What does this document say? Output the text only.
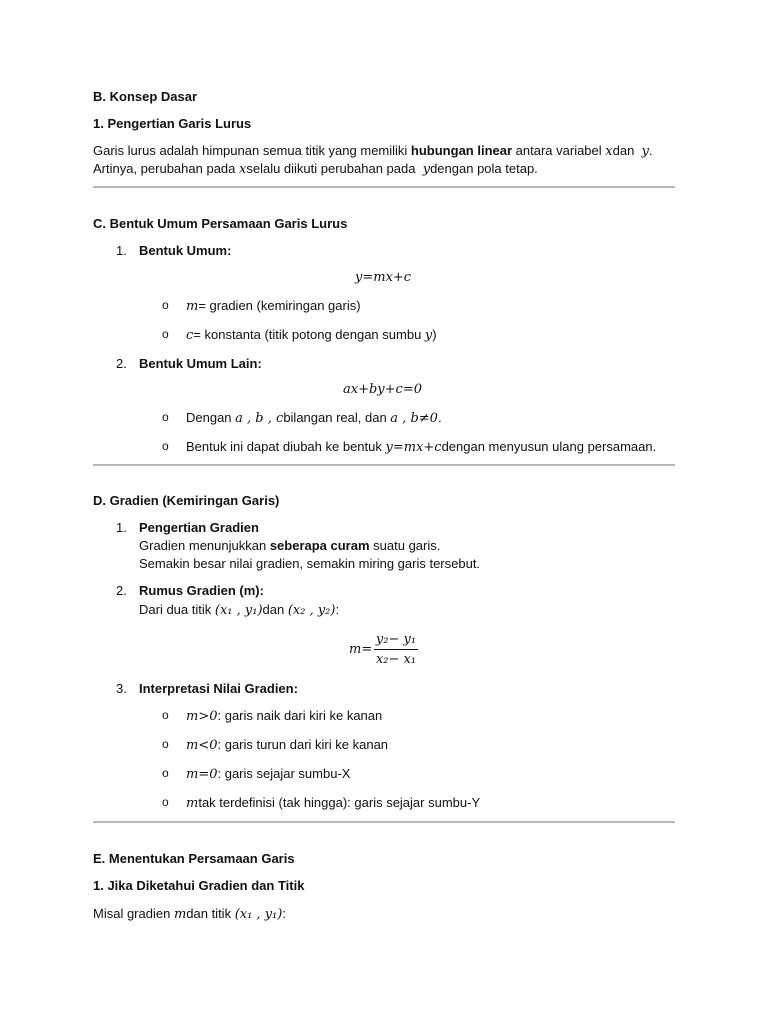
B. Konsep Dasar
1. Pengertian Garis Lurus
Garis lurus adalah himpunan semua titik yang memiliki hubungan linear antara variabel xdan  y.
Artinya, perubahan pada xselalu diikuti perubahan pada  ydengan pola tetap.
C. Bentuk Umum Persamaan Garis Lurus
1. Bentuk Umum:
y=mx+c
o m= gradien (kemiringan garis)
o c= konstanta (titik potong dengan sumbu y)
2. Bentuk Umum Lain:
ax+by+c=0
o Dengan a , b , cbilangan real, dan a , b≠0.
o Bentuk ini dapat diubah ke bentuk y=mx+cdengan menyusun ulang persamaan.
D. Gradien (Kemiringan Garis)
1. Pengertian Gradien
Gradien menunjukkan seberapa curam suatu garis.
Semakin besar nilai gradien, semakin miring garis tersebut.
2. Rumus Gradien (m):
Dari dua titik (x₁ , y₁)dan (x₂ , y₂):
m=
y₂− y₁
x₂− x₁
3. Interpretasi Nilai Gradien:
o m>0: garis naik dari kiri ke kanan
o m<0: garis turun dari kiri ke kanan
o m=0: garis sejajar sumbu-X
o mtak terdefinisi (tak hingga): garis sejajar sumbu-Y
E. Menentukan Persamaan Garis
1. Jika Diketahui Gradien dan Titik
Misal gradien mdan titik (x₁ , y₁):
